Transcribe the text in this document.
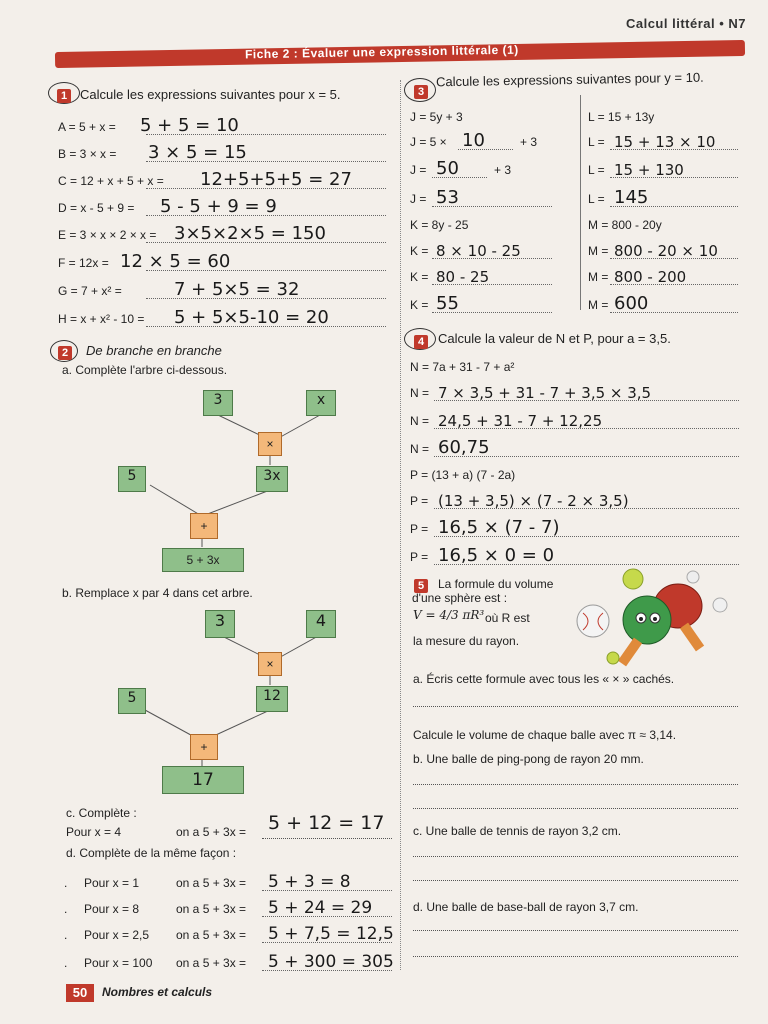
Calcul littéral • N7
Fiche 2 : Évaluer une expression littérale (1)
1 Calcule les expressions suivantes pour x = 5.
A = 5 + x = 5 + 5 = 10
B = 3 × x = 3 × 5 = 15
C = 12 + x + 5 + x = 12+5+5+5 = 27
D = x - 5 + 9 = 5 - 5 + 9 = 9
E = 3 × x × 2 × x = 3×5×2×5 = 150
F = 12x = 12 × 5 = 60
G = 7 + x² =	7 + 5×5 = 32
H = x + x² - 10 = 5 + 5×5-10 = 20
2	De branche en branche
a. Complète l'arbre ci-dessous.
3	x
×
5	3x
+
5 + 3x
b. Remplace x par 4 dans cet arbre.
3	4
×
5	12
+
17
c. Complète :
Pour x = 4	on a 5 + 3x = 5 + 12 = 17
d. Complète de la même façon :
. Pour x = 1	on a 5 + 3x = 5 + 3 = 8
. Pour x = 8	on a 5 + 3x = 5 + 24 = 29
. Pour x = 2,5 on a 5 + 3x = 5 + 7,5 = 12,5
. Pour x = 100 on a 5 + 3x = 5 + 300 = 305
3
Calcule les expressions suivantes pour y = 10.
J = 5y + 3
J = 5 × 10	+ 3
J = 50	+ 3
J = 53
K = 8y - 25
K = 8 × 10 - 25
K = 80 - 25
K = 55
L = 15 + 13y
L = 15 + 13 × 10
L = 15 + 130
L = 145
M = 800 - 20y
M = 800 - 20 × 10
M = 800 - 200
M = 600
4	Calcule la valeur de N et P, pour a = 3,5.
N = 7a + 31 - 7 + a²
N = 7 × 3,5 + 31 - 7 + 3,5 × 3,5
N = 24,5 + 31 - 7 + 12,25
N = 60,75
P = (13 + a) (7 - 2a)
P = (13 + 3,5) × (7 - 2 × 3,5)
P = 16,5 × (7 - 7)
P = 16,5 × 0 = 0
5	La formule du volume
d'une sphère est :
V = 4/3 πR³ où R est
la mesure du rayon.
a. Écris cette formule avec tous les « × » cachés.
Calcule le volume de chaque balle avec π ≈ 3,14.
b. Une balle de ping-pong de rayon 20 mm.
c. Une balle de tennis de rayon 3,2 cm.
d. Une balle de base-ball de rayon 3,7 cm.
50	Nombres et calculs
